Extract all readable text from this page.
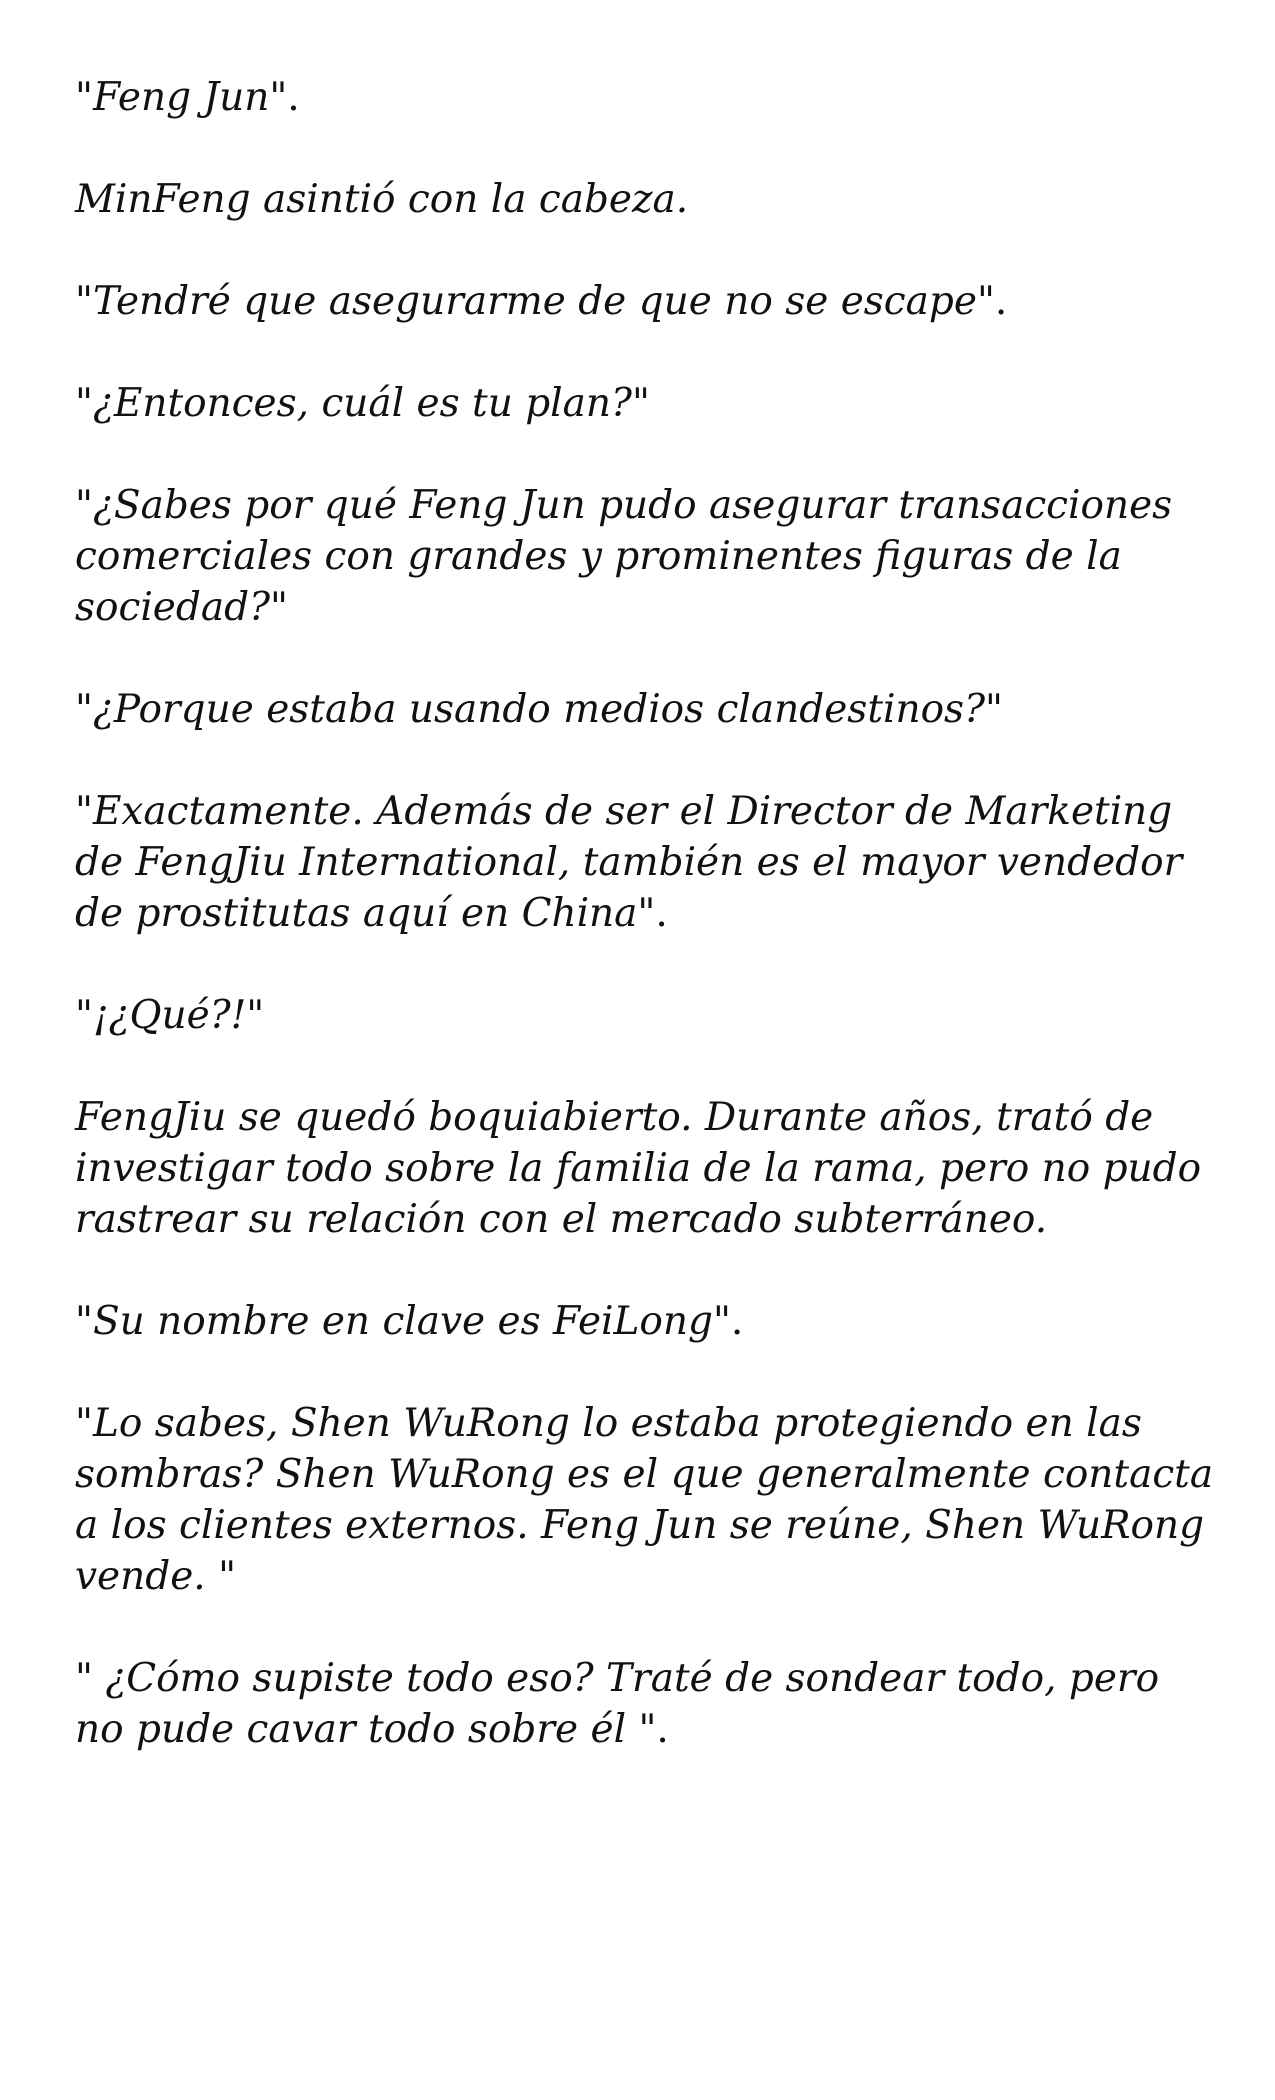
"Feng Jun".

MinFeng asintió con la cabeza.

"Tendré que asegurarme de que no se escape".

"¿Entonces, cuál es tu plan?"

"¿Sabes por qué Feng Jun pudo asegurar transacciones comerciales con grandes y prominentes figuras de la sociedad?"

"¿Porque estaba usando medios clandestinos?"

"Exactamente. Además de ser el Director de Marketing de FengJiu International, también es el mayor vendedor de prostitutas aquí en China".

"¡¿Qué?!"

FengJiu se quedó boquiabierto. Durante años, trató de investigar todo sobre la familia de la rama, pero no pudo rastrear su relación con el mercado subterráneo.

"Su nombre en clave es FeiLong".

"Lo sabes, Shen WuRong lo estaba protegiendo en las sombras? Shen WuRong es el que generalmente contacta a los clientes externos. Feng Jun se reúne, Shen WuRong vende. "

" ¿Cómo supiste todo eso? Traté de sondear todo, pero no pude cavar todo sobre él ".
